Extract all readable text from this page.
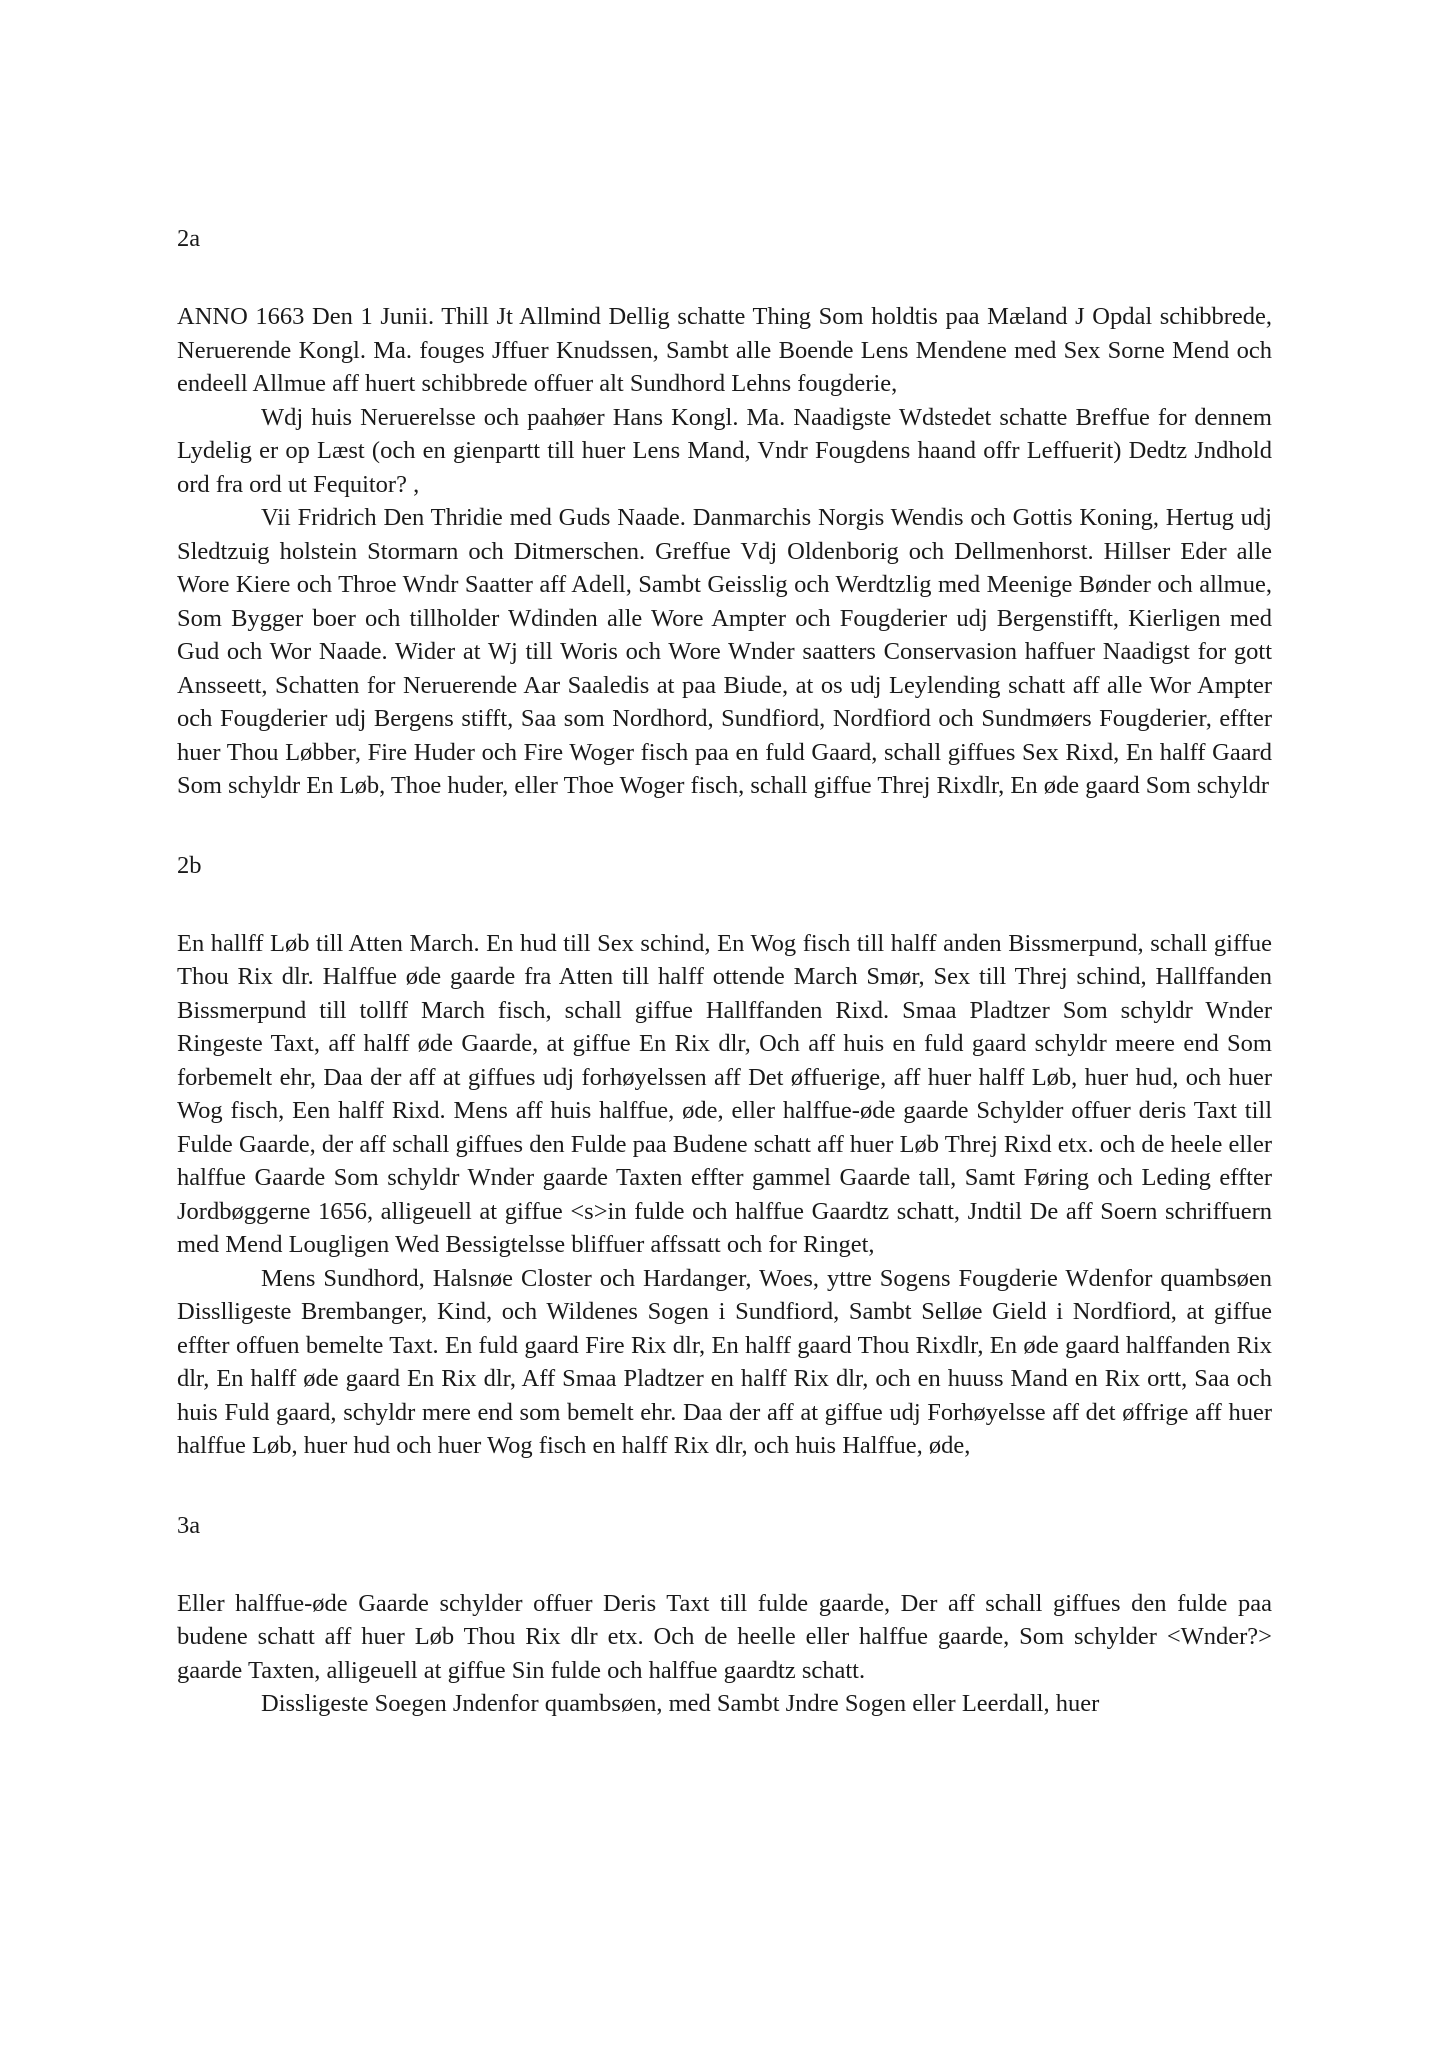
2a

ANNO 1663 Den 1 Junii. Thill Jt Allmind Dellig schatte Thing Som holdtis paa Mæland J Opdal schibbrede, Neruerende Kongl. Ma. fouges Jffuer Knudssen, Sambt alle Boende Lens Mendene med Sex Sorne Mend och endeell Allmue aff huert schibbrede offuer alt Sundhord Lehns fougderie,

Wdj huis Neruerelsse och paahøer Hans Kongl. Ma. Naadigste Wdstedet schatte Breffue for dennem Lydelig er op Læst (och en gienpartt till huer Lens Mand, Vndr Fougdens haand offr Leffuerit) Dedtz Jndhold ord fra ord ut Fequitor? ,

Vii Fridrich Den Thridie med Guds Naade. Danmarchis Norgis Wendis och Gottis Koning, Hertug udj Sledtzuig holstein Stormarn och Ditmerschen. Greffue Vdj Oldenborig och Dellmenhorst. Hillser Eder alle Wore Kiere och Throe Wndr Saatter aff Adell, Sambt Geisslig och Werdtzlig med Meenige Bønder och allmue, Som Bygger boer och tillholder Wdinden alle Wore Ampter och Fougderier udj Bergenstifft, Kierligen med Gud och Wor Naade. Wider at Wj till Woris och Wore Wnder saatters Conservasion haffuer Naadigst for gott Ansseett, Schatten for Neruerende Aar Saaledis at paa Biude, at os udj Leylending schatt aff alle Wor Ampter och Fougderier udj Bergens stifft, Saa som Nordhord, Sundfiord, Nordfiord och Sundmøers Fougderier, effter huer Thou Løbber, Fire Huder och Fire Woger fisch paa en fuld Gaard, schall giffues Sex Rixd, En halff Gaard Som schyldr En Løb, Thoe huder, eller Thoe Woger fisch, schall giffue Threj Rixdlr, En øde gaard Som schyldr

2b

En hallff Løb till Atten March. En hud till Sex schind, En Wog fisch till halff anden Bissmerpund, schall giffue Thou Rix dlr. Halffue øde gaarde fra Atten till halff ottende March Smør, Sex till Threj schind, Hallffanden Bissmerpund till tollff March fisch, schall giffue Hallffanden Rixd. Smaa Pladtzer Som schyldr Wnder Ringeste Taxt, aff halff øde Gaarde, at giffue En Rix dlr, Och aff huis en fuld gaard schyldr meere end Som forbemelt ehr, Daa der aff at giffues udj forhøyelssen aff Det øffuerige, aff huer halff Løb, huer hud, och huer Wog fisch, Een halff Rixd. Mens aff huis halffue, øde, eller halffue-øde gaarde Schylder offuer deris Taxt till Fulde Gaarde, der aff schall giffues den Fulde paa Budene schatt aff huer Løb Threj Rixd etx. och de heele eller halffue Gaarde Som schyldr Wnder gaarde Taxten effter gammel Gaarde tall, Samt Føring och Leding effter Jordbøggerne 1656, alligeuell at giffue <s>in fulde och halffue Gaardtz schatt, Jndtil De aff Soern schriffuern med Mend Lougligen Wed Bessigtelsse bliffuer affssatt och for Ringet,

Mens Sundhord, Halsnøe Closter och Hardanger, Woes, yttre Sogens Fougderie Wdenfor quambsøen Disslligeste Brembanger, Kind, och Wildenes Sogen i Sundfiord, Sambt Selløe Gield i Nordfiord, at giffue effter offuen bemelte Taxt. En fuld gaard Fire Rix dlr, En halff gaard Thou Rixdlr, En øde gaard halffanden Rix dlr, En halff øde gaard En Rix dlr, Aff Smaa Pladtzer en halff Rix dlr, och en huuss Mand en Rix ortt, Saa och huis Fuld gaard, schyldr mere end som bemelt ehr. Daa der aff at giffue udj Forhøyelsse aff det øffrige aff huer halffue Løb, huer hud och huer Wog fisch en halff Rix dlr, och huis Halffue, øde,

3a

Eller halffue-øde Gaarde schylder offuer Deris Taxt till fulde gaarde, Der aff schall giffues den fulde paa budene schatt aff huer Løb Thou Rix dlr etx. Och de heelle eller halffue gaarde, Som schylder <Wnder?> gaarde Taxten, alligeuell at giffue Sin fulde och halffue gaardtz schatt.

Dissligeste Soegen Jndenfor quambsøen, med Sambt Jndre Sogen eller Leerdall, huer
